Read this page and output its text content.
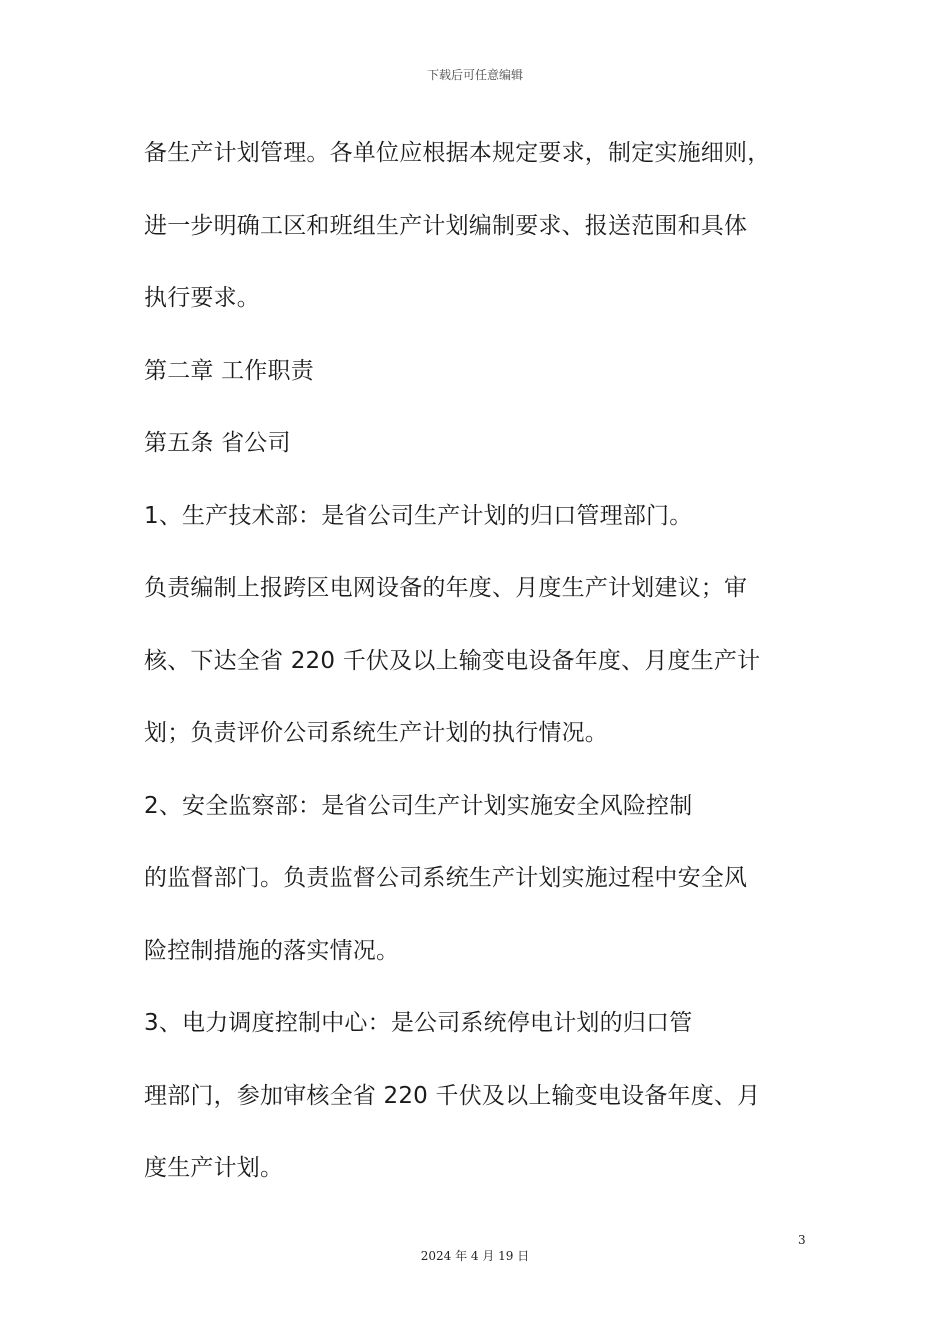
下载后可任意编辑
备生产计划管理。各单位应根据本规定要求，制定实施细则，
进一步明确工区和班组生产计划编制要求、报送范围和具体
执行要求。
第二章 工作职责
第五条 省公司
1、生产技术部：是省公司生产计划的归口管理部门。
负责编制上报跨区电网设备的年度、月度生产计划建议；审
核、下达全省 220 千伏及以上输变电设备年度、月度生产计
划；负责评价公司系统生产计划的执行情况。
2、安全监察部：是省公司生产计划实施安全风险控制
的监督部门。负责监督公司系统生产计划实施过程中安全风
险控制措施的落实情况。
3、电力调度控制中心：是公司系统停电计划的归口管
理部门，参加审核全省 220 千伏及以上输变电设备年度、月
度生产计划。
3
2024 年 4 月 19 日
